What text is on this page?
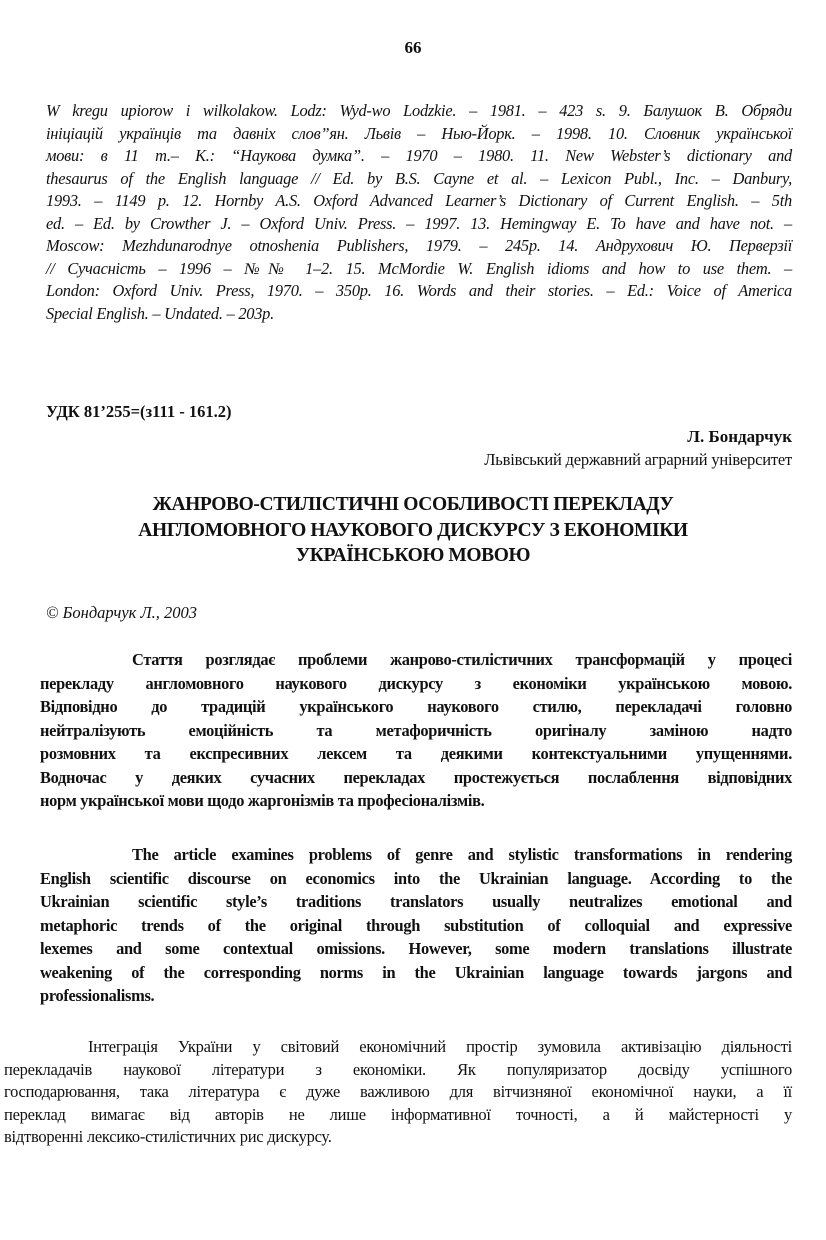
66
W kregu upiorow i wilkolakow. Lodz: Wyd-wo Lodzkie. – 1981. – 423 s. 9. Балушок В. Обряди
ініціацій українців та давніх слов”ян. Львів – Нью-Йорк. – 1998. 10. Словник української
мови: в 11 т.– К.: “Наукова думка”. – 1970 – 1980. 11. New Webster’s dictionary and
thesaurus of the English language // Ed. by B.S. Cayne et al. – Lexicon Publ., Inc. – Danbury,
1993. – 1149 p. 12. Hornby A.S. Oxford Advanced Learner’s Dictionary of Current English. – 5th
ed. – Ed. by Crowther J. – Oxford Univ. Press. – 1997. 13. Hemingway E. To have and have not. –
Moscow: Mezhdunarodnye otnoshenia Publishers, 1979. – 245p. 14. Андрухович Ю. Перверзії
// Сучасність – 1996 – №№ 1–2. 15. McMordie W. English idioms and how to use them. –
London: Oxford Univ. Press, 1970. – 350p. 16. Words and their stories. – Ed.: Voice of America
Special English. – Undated. – 203p.
УДК 81’255=(з111 - 161.2)
Л. Бондарчук
Львівський державний аграрний університет
ЖАНРОВО-СТИЛІСТИЧНІ ОСОБЛИВОСТІ ПЕРЕКЛАДУ
АНГЛОМОВНОГО НАУКОВОГО ДИСКУРСУ З ЕКОНОМІКИ
УКРАЇНСЬКОЮ МОВОЮ
© Бондарчук Л., 2003
Стаття розглядає проблеми жанрово-стилістичних трансформацій у процесі
перекладу англомовного наукового дискурсу з економіки українською мовою.
Відповідно до традицій українського наукового стилю, перекладачі головно
нейтралізують емоційність та метафоричність оригіналу заміною надто
розмовних та експресивних лексем та деякими контекстуальними упущеннями.
Водночас у деяких сучасних перекладах простежується послаблення відповідних
норм української мови щодо жаргонізмів та професіоналізмів.
The article examines problems of genre and stylistic transformations in rendering
English scientific discourse on economics into the Ukrainian language. According to the
Ukrainian scientific style’s traditions translators usually neutralizes emotional and
metaphoric trends of the original through substitution of colloquial and expressive
lexemes and some contextual omissions. However, some modern translations illustrate
weakening of the corresponding norms in the Ukrainian language towards jargons and
professionalisms.
Інтеграція України у світовий економічний простір зумовила активізацію діяльності
перекладачів наукової літератури з економіки. Як популяризатор досвіду успішного
господарювання, така література є дуже важливою для вітчизняної економічної науки, а її
переклад вимагає від авторів не лише інформативної точності, а й майстерності у
відтворенні лексико-стилістичних рис дискурсу.
